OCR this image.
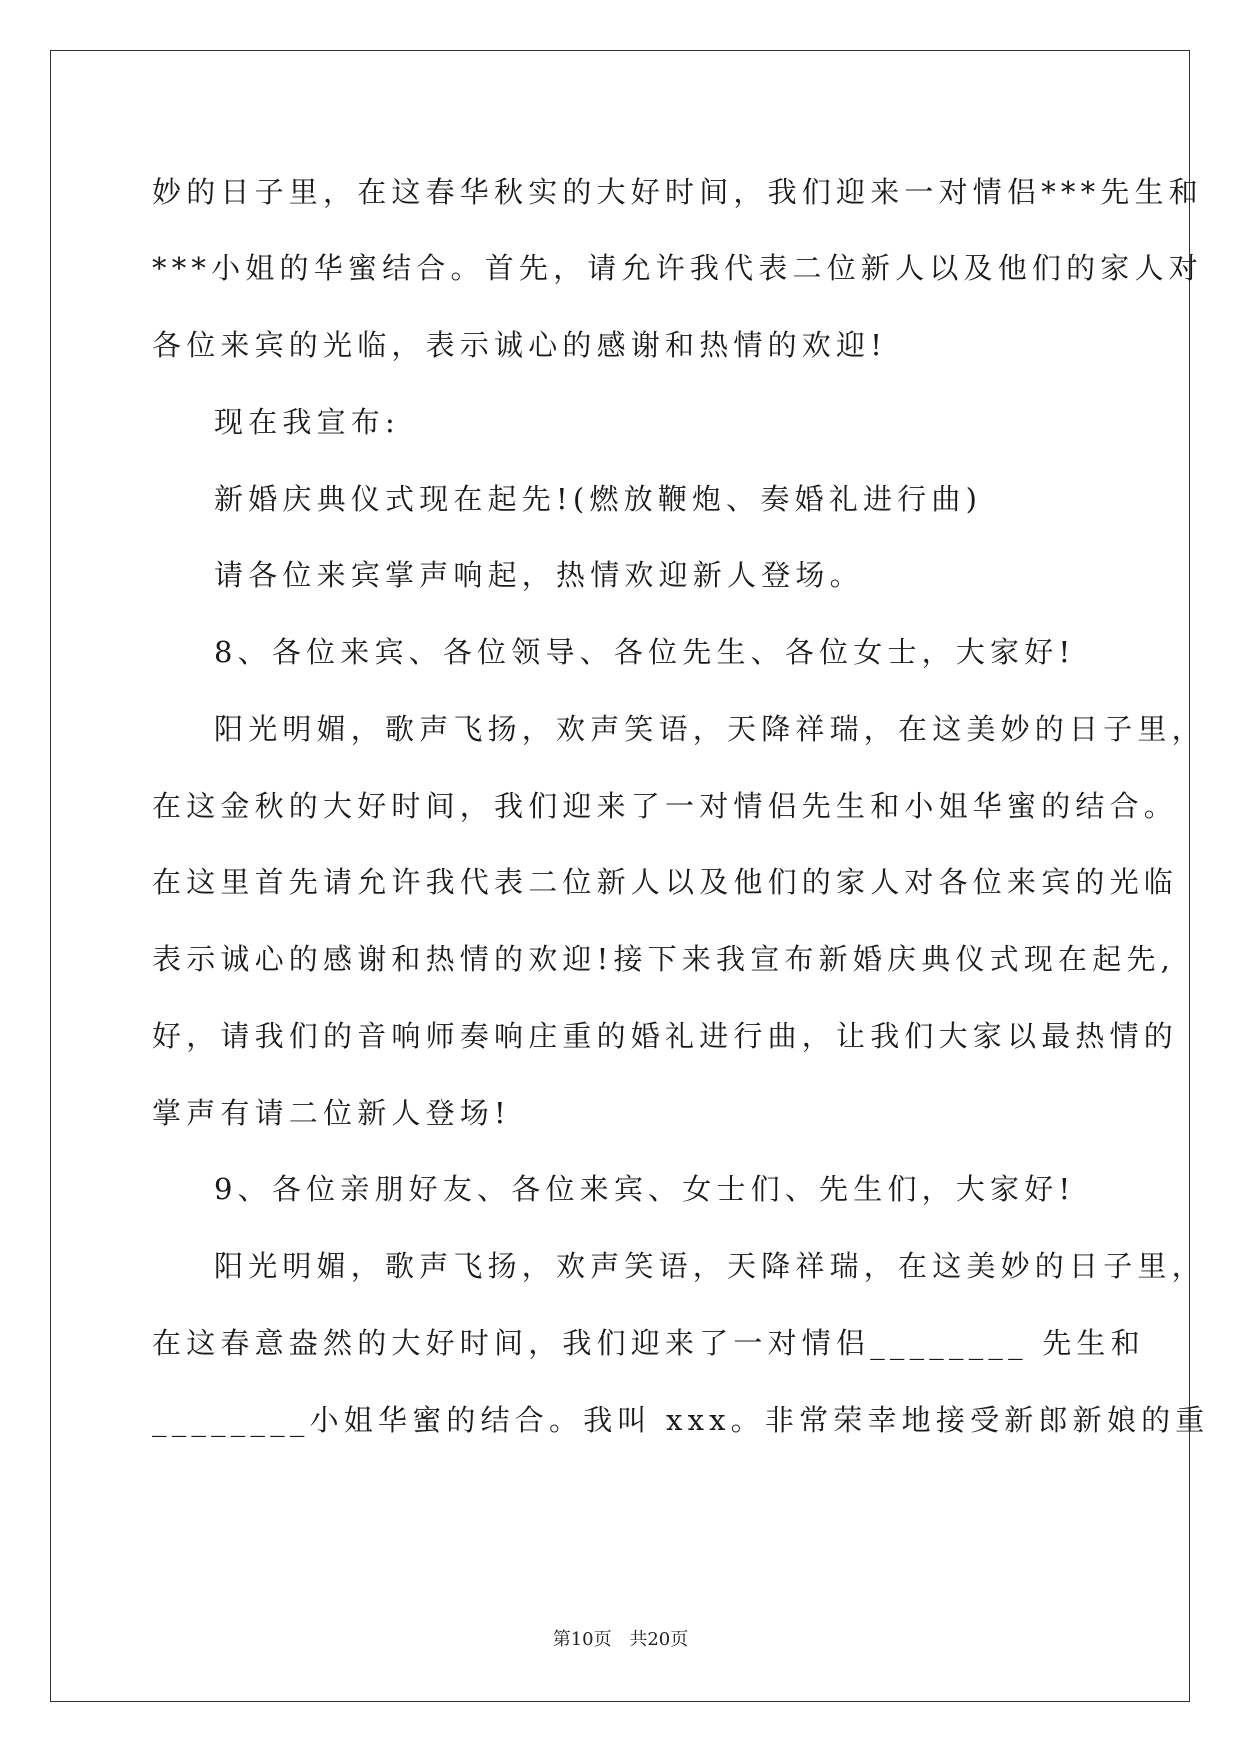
妙的日子里，在这春华秋实的大好时间，我们迎来一对情侣***先生和
***小姐的华蜜结合。首先，请允许我代表二位新人以及他们的家人对
各位来宾的光临，表示诚心的感谢和热情的欢迎!
现在我宣布:
新婚庆典仪式现在起先!(燃放鞭炮、奏婚礼进行曲)
请各位来宾掌声响起，热情欢迎新人登场。
8、各位来宾、各位领导、各位先生、各位女士，大家好!
阳光明媚，歌声飞扬，欢声笑语，天降祥瑞，在这美妙的日子里，
在这金秋的大好时间，我们迎来了一对情侣先生和小姐华蜜的结合。
在这里首先请允许我代表二位新人以及他们的家人对各位来宾的光临
表示诚心的感谢和热情的欢迎!接下来我宣布新婚庆典仪式现在起先,
好，请我们的音响师奏响庄重的婚礼进行曲，让我们大家以最热情的
掌声有请二位新人登场!
9、各位亲朋好友、各位来宾、女士们、先生们，大家好!
阳光明媚，歌声飞扬，欢声笑语，天降祥瑞，在这美妙的日子里，
在这春意盎然的大好时间，我们迎来了一对情侣________ 先生和
________小姐华蜜的结合。我叫 xxx。非常荣幸地接受新郎新娘的重
第10页 共20页
